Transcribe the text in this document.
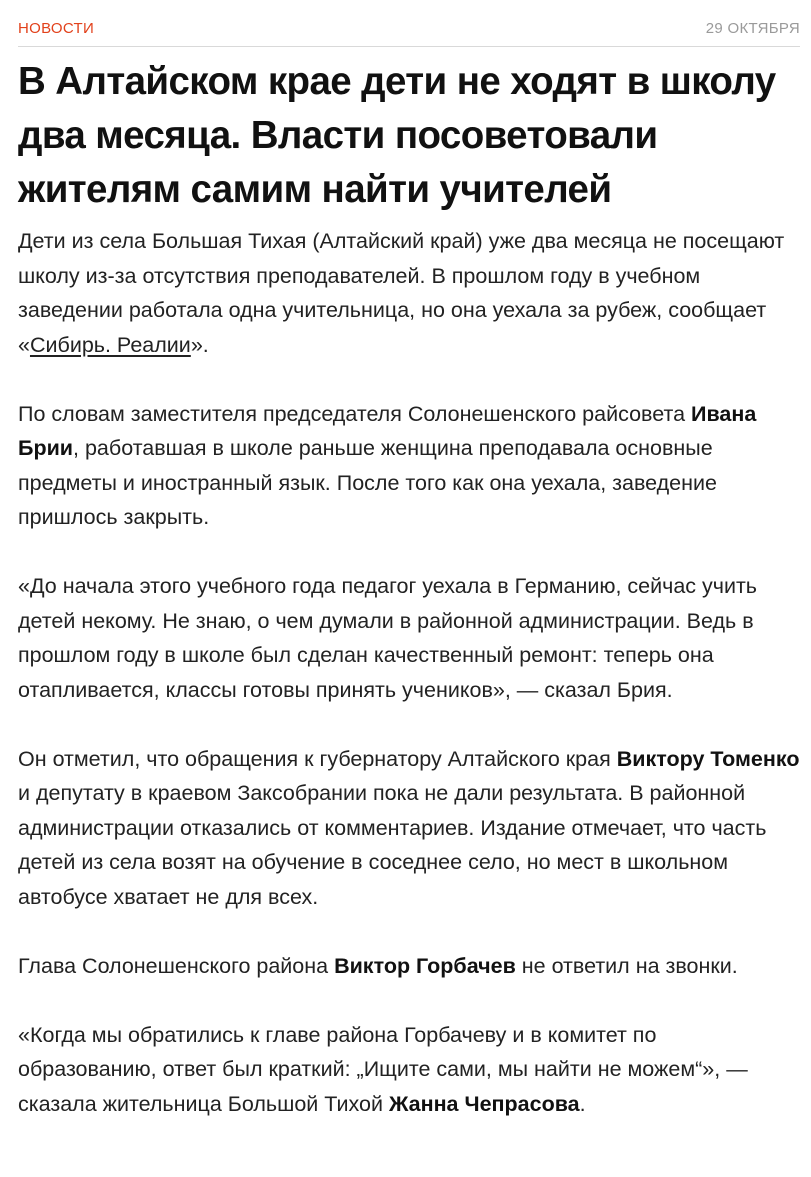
НОВОСТИ	29 ОКТЯБРЯ
В Алтайском крае дети не ходят в школу два месяца. Власти посоветовали жителям самим найти учителей

Дети из села Большая Тихая (Алтайский край) уже два месяца не посещают школу из-за отсутствия преподавателей. В прошлом году в учебном заведении работала одна учительница, но она уехала за рубеж, сообщает «Сибирь. Реалии».

По словам заместителя председателя Солонешенского райсовета Ивана Брии, работавшая в школе раньше женщина преподавала основные предметы и иностранный язык. После того как она уехала, заведение пришлось закрыть.

«До начала этого учебного года педагог уехала в Германию, сейчас учить детей некому. Не знаю, о чем думали в районной администрации. Ведь в прошлом году в школе был сделан качественный ремонт: теперь она отапливается, классы готовы принять учеников», — сказал Брия.

Он отметил, что обращения к губернатору Алтайского края Виктору Томенко и депутату в краевом Заксобрании пока не дали результата. В районной администрации отказались от комментариев. Издание отмечает, что часть детей из села возят на обучение в соседнее село, но мест в школьном автобусе хватает не для всех.

Глава Солонешенского района Виктор Горбачев не ответил на звонки.

«Когда мы обратились к главе района Горбачеву и в комитет по образованию, ответ был краткий: „Ищите сами, мы найти не можем“», — сказала жительница Большой Тихой Жанна Чепрасова.
